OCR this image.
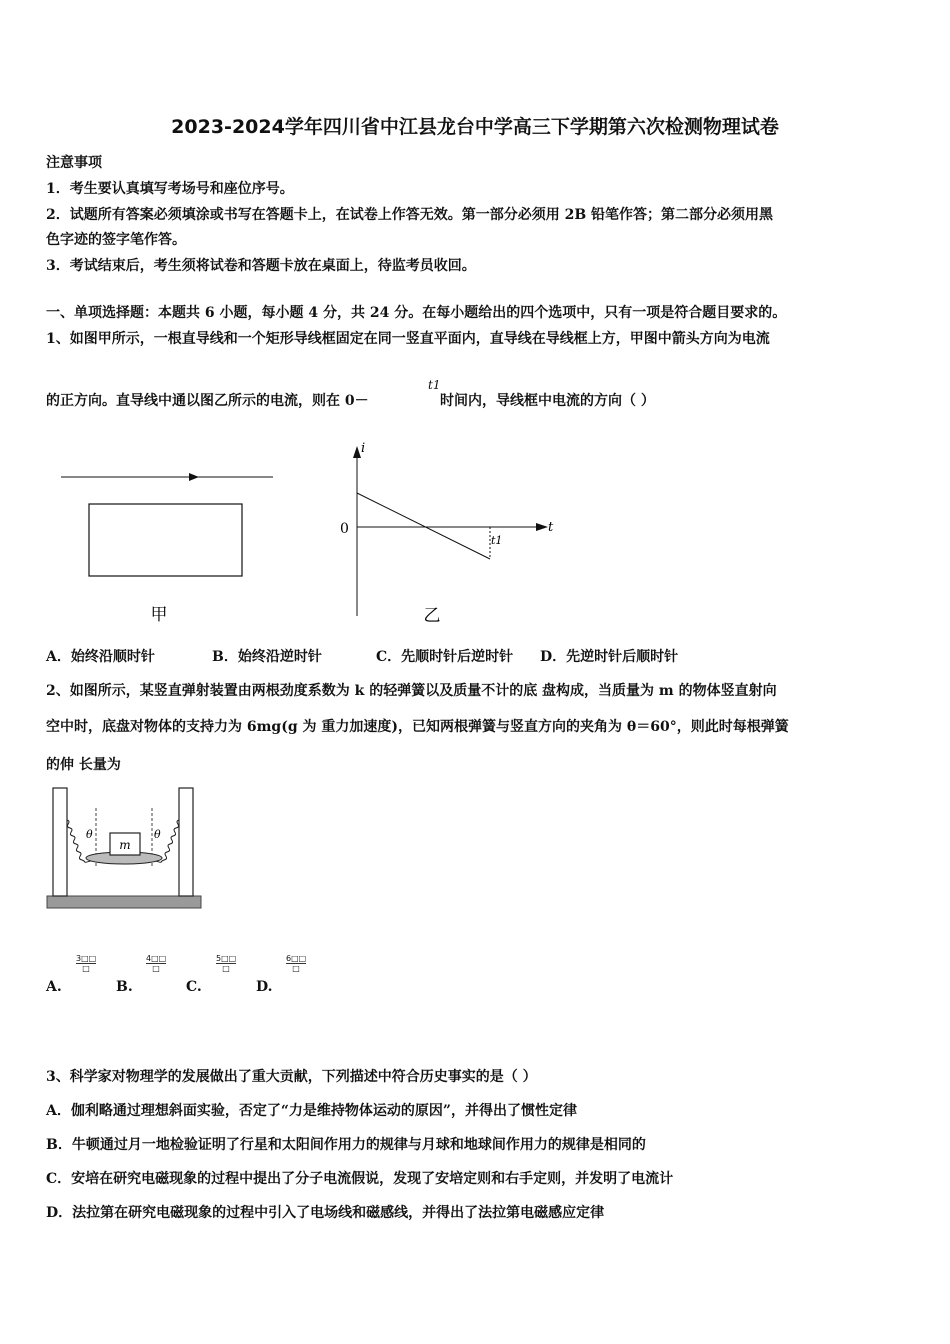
2023-2024学年四川省中江县龙台中学高三下学期第六次检测物理试卷
注意事项
1．考生要认真填写考场号和座位序号。
2．试题所有答案必须填涂或书写在答题卡上，在试卷上作答无效。第一部分必须用 2B 铅笔作答；第二部分必须用黑
色字迹的签字笔作答。
3．考试结束后，考生须将试卷和答题卡放在桌面上，待监考员收回。
一、单项选择题：本题共 6 小题，每小题 4 分，共 24 分。在每小题给出的四个选项中，只有一项是符合题目要求的。
1、如图甲所示，一根直导线和一个矩形导线框固定在同一竖直平面内，直导线在导线框上方，甲图中箭头方向为电流
的正方向。直导线中通以图乙所示的电流，则在 0－
t1
时间内，导线框中电流的方向（ ）
甲
i
t
0
t1
乙
A．始终沿顺时针	B．始终沿逆时针	C．先顺时针后逆时针 D．先逆时针后顺时针
2、如图所示，某竖直弹射装置由两根劲度系数为 k 的轻弹簧以及质量不计的底 盘构成，当质量为 m 的物体竖直射向
空中时，底盘对物体的支持力为 6mg(g 为 重力加速度)，已知两根弹簧与竖直方向的夹角为 θ＝60°，则此时每根弹簧
的伸 长量为
m
θ	θ
A.
3□□
□
B.
4□□
□
C.
5□□
□
D.
6□□
□
3、科学家对物理学的发展做出了重大贡献，下列描述中符合历史事实的是（ ）
A．伽利略通过理想斜面实验，否定了“力是维持物体运动的原因”，并得出了惯性定律
B．牛顿通过月一地检验证明了行星和太阳间作用力的规律与月球和地球间作用力的规律是相同的
C．安培在研究电磁现象的过程中提出了分子电流假说，发现了安培定则和右手定则，并发明了电流计
D．法拉第在研究电磁现象的过程中引入了电场线和磁感线，并得出了法拉第电磁感应定律
